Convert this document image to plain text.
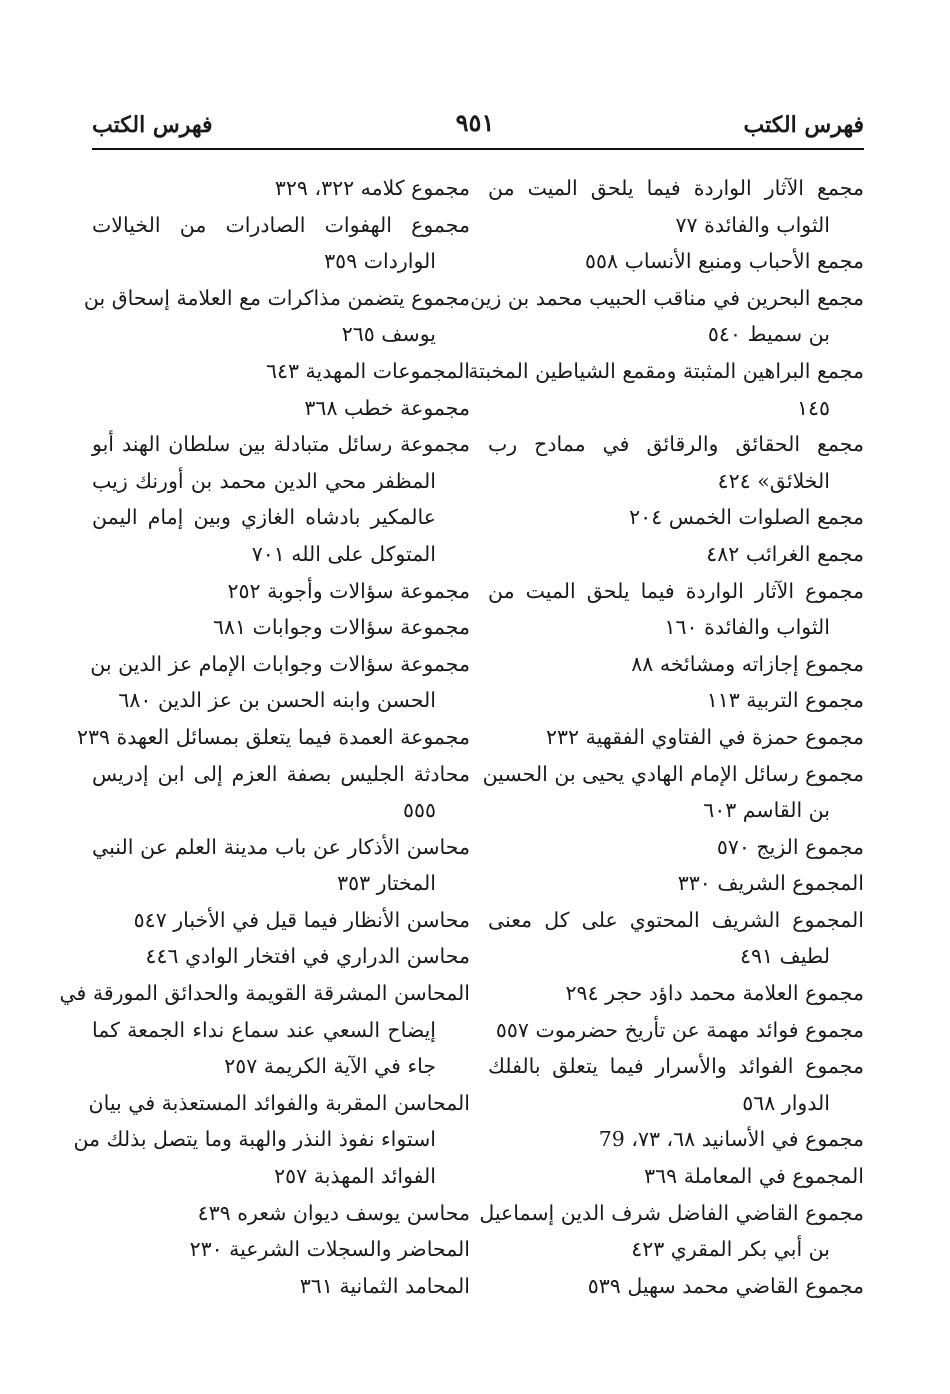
فهرس الكتب
٩٥١
فهرس الكتب
مجمع الآثار الواردة فيما يلحق الميت من
الثواب والفائدة ٧٧
مجمع الأحباب ومنبع الأنساب ٥٥٨
مجمع البحرين في مناقب الحبيب محمد بن زين
بن سميط ٥٤٠
مجمع البراهين المثبتة ومقمع الشياطين المخبتة
١٤٥
مجمع الحقائق والرقائق في ممادح رب
الخلائق» ٤٢٤
مجمع الصلوات الخمس ٢٠٤
مجمع الغرائب ٤٨٢
مجموع الآثار الواردة فيما يلحق الميت من
الثواب والفائدة ١٦٠
مجموع إجازاته ومشائخه ٨٨
مجموع التربية ١١٣
مجموع حمزة في الفتاوي الفقهية ٢٣٢
مجموع رسائل الإمام الهادي يحيى بن الحسين
بن القاسم ٦٠٣
مجموع الزيج ٥٧٠
المجموع الشريف ٣٣٠
المجموع الشريف المحتوي على كل معنى
لطيف ٤٩١
مجموع العلامة محمد داؤد حجر ٢٩٤
مجموع فوائد مهمة عن تأريخ حضرموت ٥٥٧
مجموع الفوائد والأسرار فيما يتعلق بالفلك
الدوار ٥٦٨
مجموع في الأسانيد ٦٨، ٧٣، 79
المجموع في المعاملة ٣٦٩
مجموع القاضي الفاضل شرف الدين إسماعيل
بن أبي بكر المقري ٤٢٣
مجموع القاضي محمد سهيل ٥٣٩
مجموع كلامه ٣٢٢، ٣٢٩
مجموع الهفوات الصادرات من الخيالات
الواردات ٣٥٩
مجموع يتضمن مذاكرات مع العلامة إسحاق بن
يوسف ٢٦٥
المجموعات المهدية ٦٤٣
مجموعة خطب ٣٦٨
مجموعة رسائل متبادلة بين سلطان الهند أبو
المظفر محي الدين محمد بن أورنك زيب
عالمكير بادشاه الغازي وبين إمام اليمن
المتوكل على الله ٧٠١
مجموعة سؤالات وأجوبة ٢٥٢
مجموعة سؤالات وجوابات ٦٨١
مجموعة سؤالات وجوابات الإمام عز الدين بن
الحسن وابنه الحسن بن عز الدين ٦٨٠
مجموعة العمدة فيما يتعلق بمسائل العهدة ٢٣٩
محادثة الجليس بصفة العزم إلى ابن إدريس
٥٥٥
محاسن الأذكار عن باب مدينة العلم عن النبي
المختار ٣٥٣
محاسن الأنظار فيما قيل في الأخبار ٥٤٧
محاسن الدراري في افتخار الوادي ٤٤٦
المحاسن المشرقة القويمة والحدائق المورقة في
إيضاح السعي عند سماع نداء الجمعة كما
جاء في الآية الكريمة ٢٥٧
المحاسن المقربة والفوائد المستعذبة في بيان
استواء نفوذ النذر والهبة وما يتصل بذلك من
الفوائد المهذبة ٢٥٧
محاسن يوسف ديوان شعره ٤٣٩
المحاضر والسجلات الشرعية ٢٣٠
المحامد الثمانية ٣٦١
